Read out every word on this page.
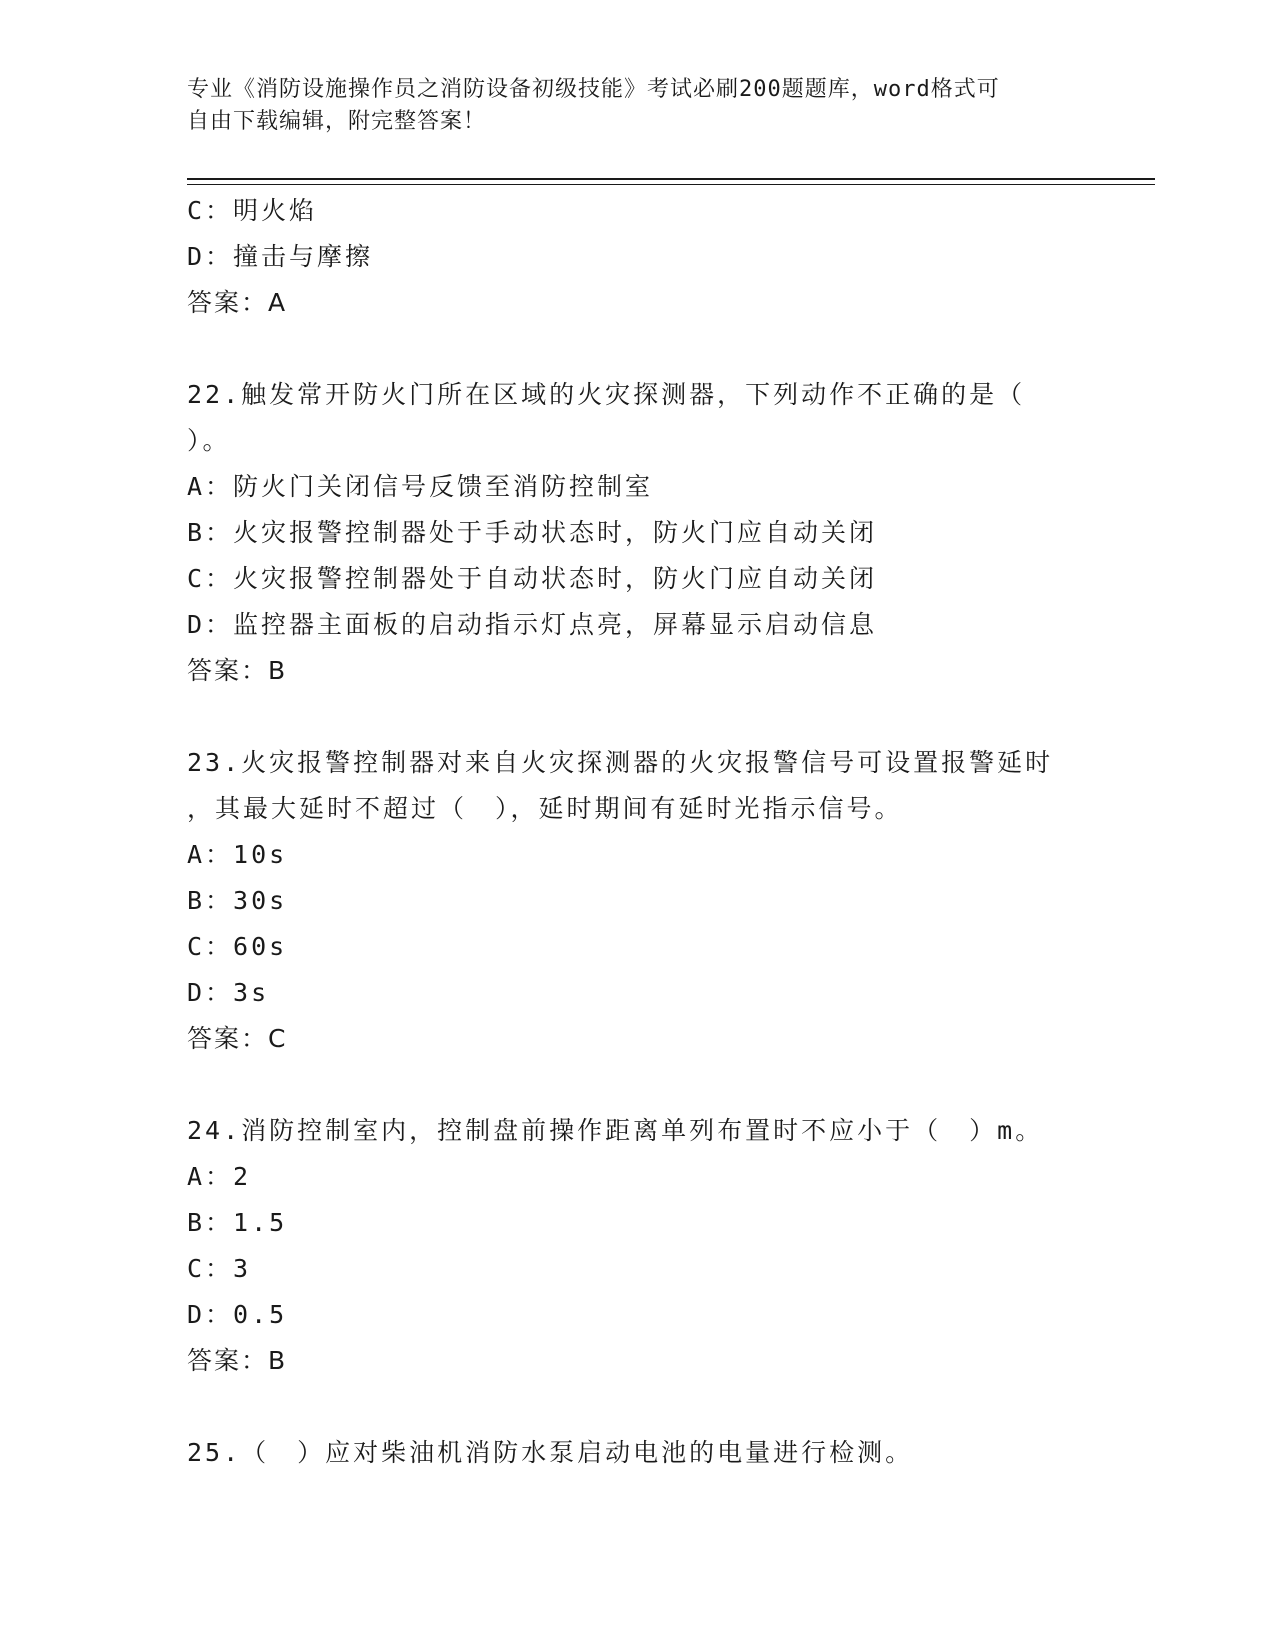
专业《消防设施操作员之消防设备初级技能》考试必刷200题题库，word格式可
自由下载编辑，附完整答案！
C：明火焰
D：撞击与摩擦
答案：A
22.触发常开防火门所在区域的火灾探测器，下列动作不正确的是（
）。
A：防火门关闭信号反馈至消防控制室
B：火灾报警控制器处于手动状态时，防火门应自动关闭
C：火灾报警控制器处于自动状态时，防火门应自动关闭
D：监控器主面板的启动指示灯点亮，屏幕显示启动信息
答案：B
23.火灾报警控制器对来自火灾探测器的火灾报警信号可设置报警延时
，其最大延时不超过（　），延时期间有延时光指示信号。
A：10s
B：30s
C：60s
D：3s
答案：C
24.消防控制室内，控制盘前操作距离单列布置时不应小于（　）m。
A：2
B：1.5
C：3
D：0.5
答案：B
25.（　）应对柴油机消防水泵启动电池的电量进行检测。
